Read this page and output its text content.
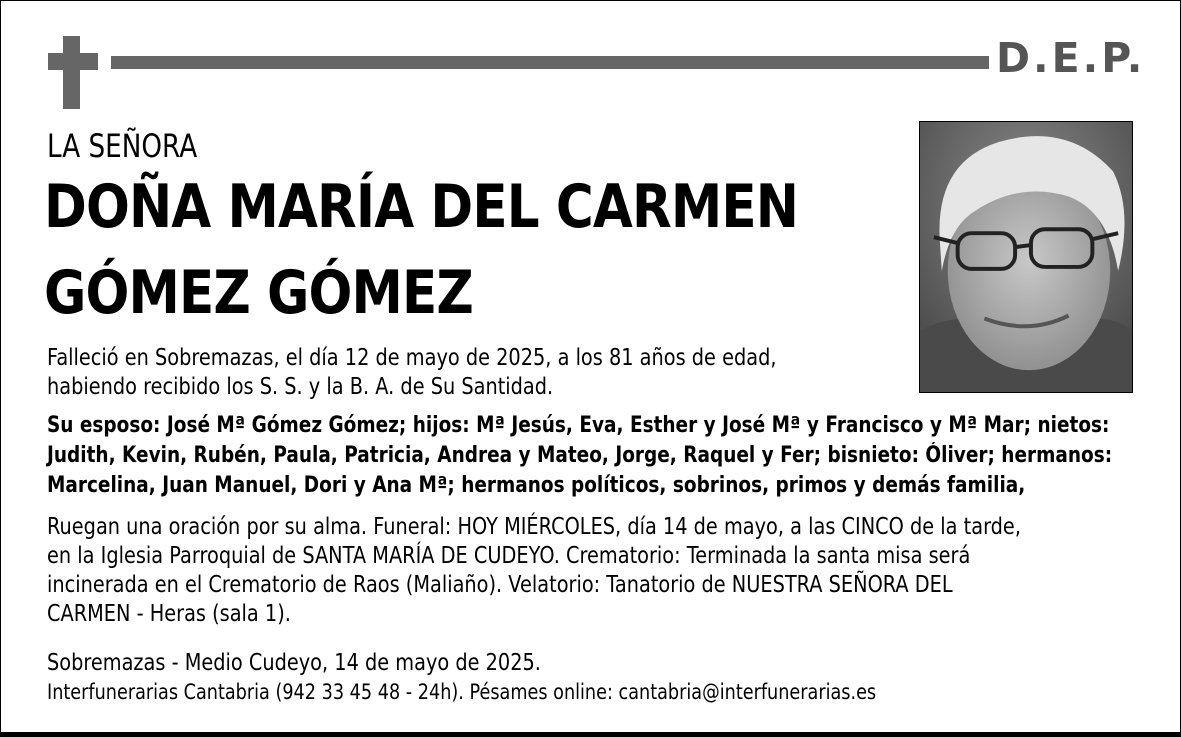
D.E.P.
LA SEÑORA
DOÑA MARÍA DEL CARMEN
GÓMEZ GÓMEZ
Falleció en Sobremazas, el día 12 de mayo de 2025, a los 81 años de edad,
habiendo recibido los S. S. y la B. A. de Su Santidad.
Su esposo: José Mª Gómez Gómez; hijos: Mª Jesús, Eva, Esther y José Mª y Francisco y Mª Mar; nietos:
Judith, Kevin, Rubén, Paula, Patricia, Andrea y Mateo, Jorge, Raquel y Fer; bisnieto: Óliver; hermanos:
Marcelina, Juan Manuel, Dori y Ana Mª; hermanos políticos, sobrinos, primos y demás familia,
Ruegan una oración por su alma. Funeral: HOY MIÉRCOLES, día 14 de mayo, a las CINCO de la tarde,
en la Iglesia Parroquial de SANTA MARÍA DE CUDEYO. Crematorio: Terminada la santa misa será
incinerada en el Crematorio de Raos (Maliaño). Velatorio: Tanatorio de NUESTRA SEÑORA DEL
CARMEN - Heras (sala 1).
Sobremazas - Medio Cudeyo, 14 de mayo de 2025.
Interfunerarias Cantabria (942 33 45 48 - 24h). Pésames online: cantabria@interfunerarias.es
